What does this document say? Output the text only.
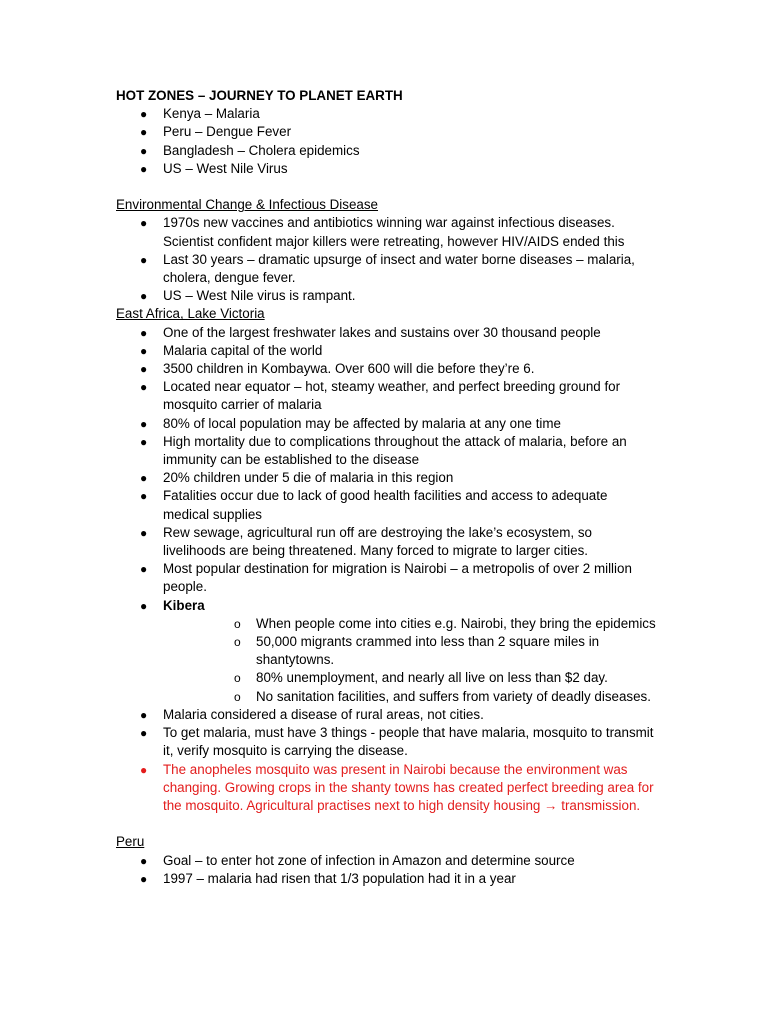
HOT ZONES – JOURNEY TO PLANET EARTH

● Kenya – Malaria
● Peru – Dengue Fever
● Bangladesh – Cholera epidemics
● US – West Nile Virus

Environmental Change & Infectious Disease

● 1970s new vaccines and antibiotics winning war against infectious diseases. Scientist confident major killers were retreating, however HIV/AIDS ended this
● Last 30 years – dramatic upsurge of insect and water borne diseases – malaria, cholera, dengue fever.
● US – West Nile virus is rampant.

East Africa, Lake Victoria

● One of the largest freshwater lakes and sustains over 30 thousand people
● Malaria capital of the world
● 3500 children in Kombaywa. Over 600 will die before they’re 6.
● Located near equator – hot, steamy weather, and perfect breeding ground for mosquito carrier of malaria
● 80% of local population may be affected by malaria at any one time
● High mortality due to complications throughout the attack of malaria, before an immunity can be established to the disease
● 20% children under 5 die of malaria in this region
● Fatalities occur due to lack of good health facilities and access to adequate medical supplies
● Rew sewage, agricultural run off are destroying the lake’s ecosystem, so livelihoods are being threatened. Many forced to migrate to larger cities.
● Most popular destination for migration is Nairobi – a metropolis of over 2 million people.
● Kibera
o When people come into cities e.g. Nairobi, they bring the epidemics
o 50,000 migrants crammed into less than 2 square miles in shantytowns.
o 80% unemployment, and nearly all live on less than $2 day.
o No sanitation facilities, and suffers from variety of deadly diseases.
● Malaria considered a disease of rural areas, not cities.
● To get malaria, must have 3 things - people that have malaria, mosquito to transmit it, verify mosquito is carrying the disease.
● The anopheles mosquito was present in Nairobi because the environment was changing. Growing crops in the shanty towns has created perfect breeding area for the mosquito. Agricultural practises next to high density housing → transmission.

Peru

● Goal – to enter hot zone of infection in Amazon and determine source
● 1997 – malaria had risen that 1/3 population had it in a year
